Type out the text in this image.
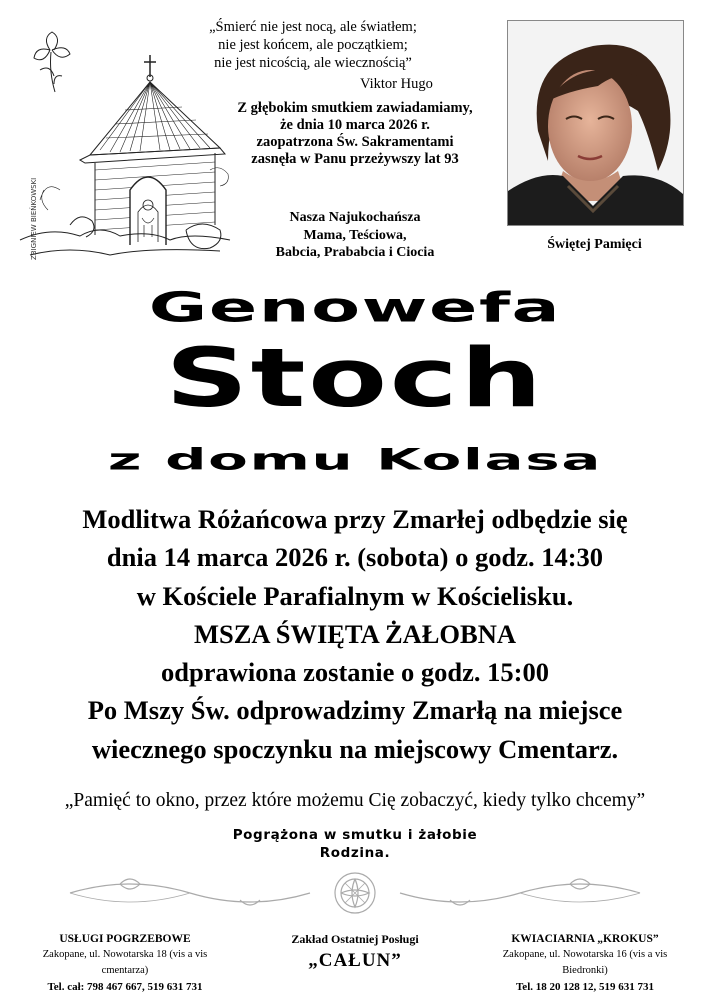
ZBIGNIEW BIEŃKOWSKI
„Śmierć nie jest nocą, ale światłem;
nie jest końcem, ale początkiem;
nie jest nicością, ale wiecznością”
Viktor Hugo
Z głębokim smutkiem zawiadamiamy,
że dnia 10 marca 2026 r.
zaopatrzona Św. Sakramentami
zasnęła w Panu przeżywszy lat 93
Nasza Najukochańsza
Mama, Teściowa,
Babcia, Prababcia i Ciocia
Świętej Pamięci
Genowefa
Stoch
z domu Kolasa
Modlitwa Różańcowa przy Zmarłej odbędzie się
dnia 14 marca 2026 r. (sobota) o godz. 14:30
w Kościele Parafialnym w Kościelisku.
MSZA ŚWIĘTA ŻAŁOBNA
odprawiona zostanie o godz. 15:00
Po Mszy Św. odprowadzimy Zmarłą na miejsce
wiecznego spoczynku na miejscowy Cmentarz.
„Pamięć to okno, przez które możemu Cię zobaczyć, kiedy tylko chcemy”
Pogrążona w smutku i żałobie
Rodzina.
USŁUGI POGRZEBOWE
Zakopane, ul. Nowotarska 18 (vis a vis cmentarza)
Tel. cał: 798 467 667, 519 631 731
Zakład Ostatniej Posługi
„CAŁUN”
KWIACIARNIA „KROKUS”
Zakopane, ul. Nowotarska 16 (vis a vis Biedronki)
Tel. 18 20 128 12, 519 631 731
